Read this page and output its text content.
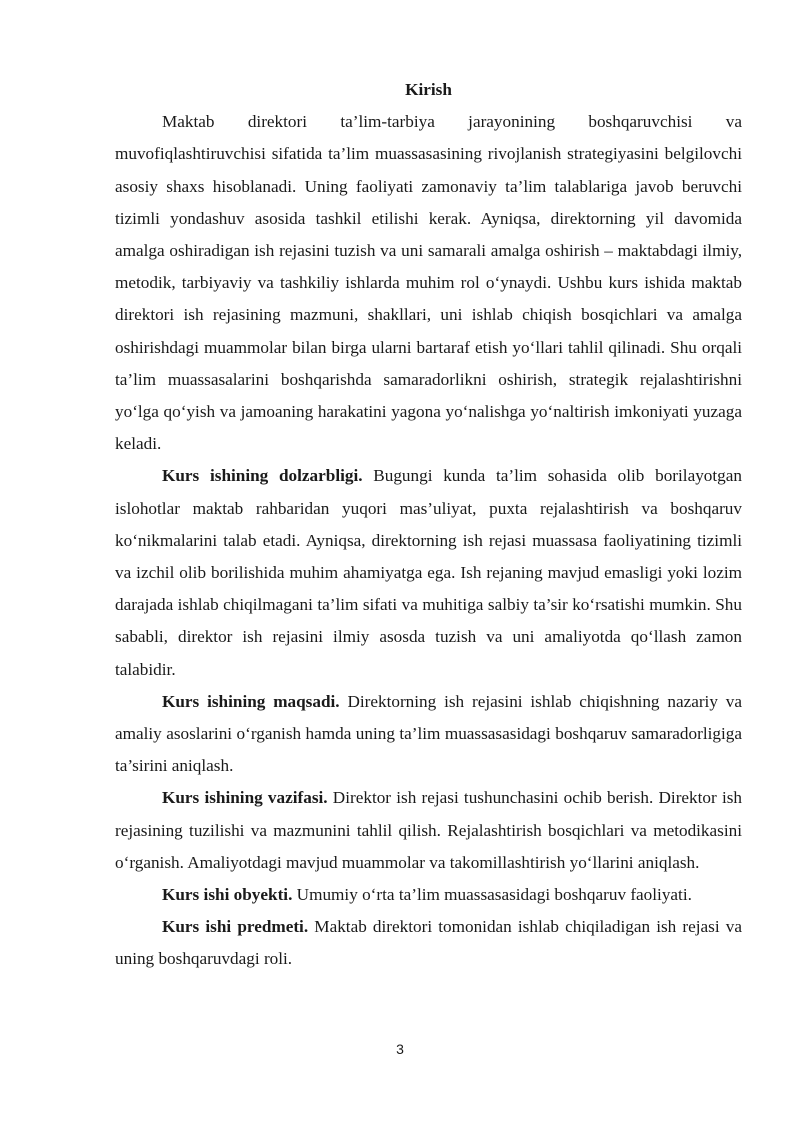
Kirish

Maktab direktori ta’lim-tarbiya jarayonining boshqaruvchisi va muvofiqlashtiruvchisi sifatida ta’lim muassasasining rivojlanish strategiyasini belgilovchi asosiy shaxs hisoblanadi. Uning faoliyati zamonaviy ta’lim talablariga javob beruvchi tizimli yondashuv asosida tashkil etilishi kerak. Ayniqsa, direktorning yil davomida amalga oshiradigan ish rejasini tuzish va uni samarali amalga oshirish – maktabdagi ilmiy, metodik, tarbiyaviy va tashkiliy ishlarda muhim rol o‘ynaydi. Ushbu kurs ishida maktab direktori ish rejasining mazmuni, shakllari, uni ishlab chiqish bosqichlari va amalga oshirishdagi muammolar bilan birga ularni bartaraf etish yo‘llari tahlil qilinadi. Shu orqali ta’lim muassasalarini boshqarishda samaradorlikni oshirish, strategik rejalashtirishni yo‘lga qo‘yish va jamoaning harakatini yagona yo‘nalishga yo‘naltirish imkoniyati yuzaga keladi.

Kurs ishining dolzarbligi. Bugungi kunda ta’lim sohasida olib borilayotgan islohotlar maktab rahbaridan yuqori mas’uliyat, puxta rejalashtirish va boshqaruv ko‘nikmalarini talab etadi. Ayniqsa, direktorning ish rejasi muassasa faoliyatining tizimli va izchil olib borilishida muhim ahamiyatga ega. Ish rejaning mavjud emasligi yoki lozim darajada ishlab chiqilmagani ta’lim sifati va muhitiga salbiy ta’sir ko‘rsatishi mumkin. Shu sababli, direktor ish rejasini ilmiy asosda tuzish va uni amaliyotda qo‘llash zamon talabidir.

Kurs ishining maqsadi. Direktorning ish rejasini ishlab chiqishning nazariy va amaliy asoslarini o‘rganish hamda uning ta’lim muassasasidagi boshqaruv samaradorligiga ta’sirini aniqlash.

Kurs ishining vazifasi. Direktor ish rejasi tushunchasini ochib berish. Direktor ish rejasining tuzilishi va mazmunini tahlil qilish. Rejalashtirish bosqichlari va metodikasini o‘rganish. Amaliyotdagi mavjud muammolar va takomillashtirish yo‘llarini aniqlash.

Kurs ishi obyekti. Umumiy o‘rta ta’lim muassasasidagi boshqaruv faoliyati.

Kurs ishi predmeti. Maktab direktori tomonidan ishlab chiqiladigan ish rejasi va uning boshqaruvdagi roli.

3
